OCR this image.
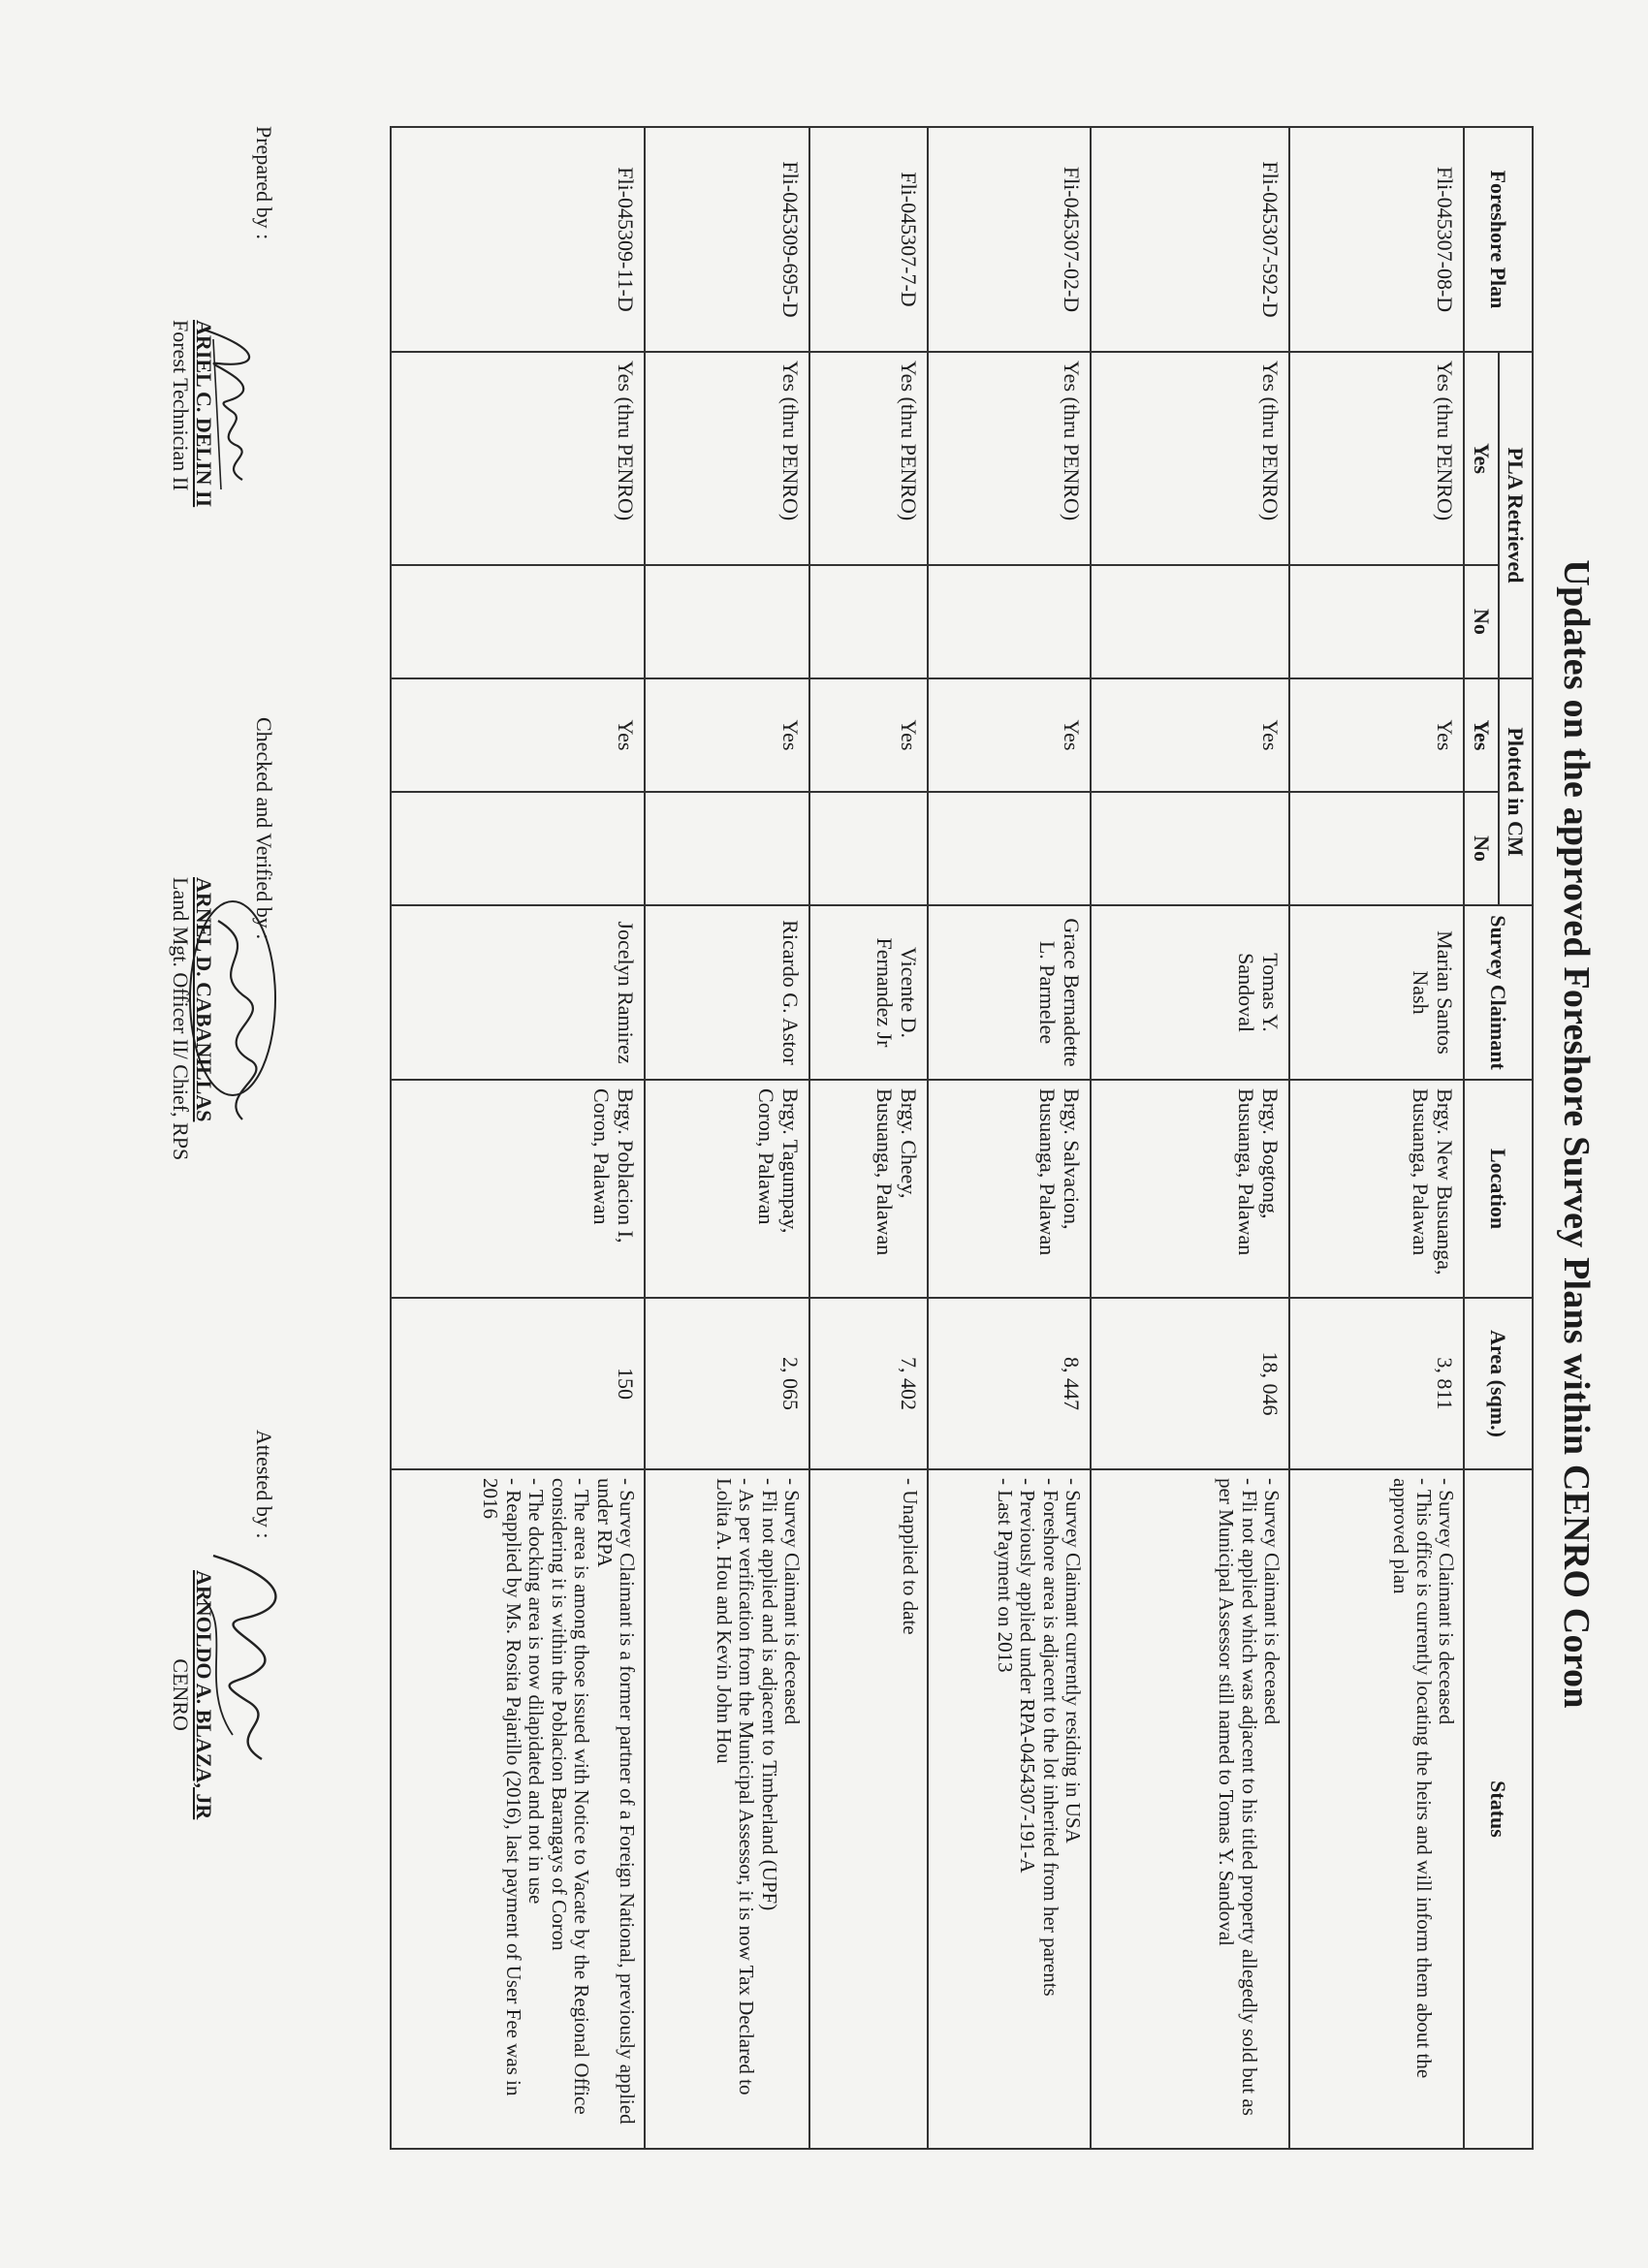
Updates on the approved Foreshore Survey Plans within CENRO Coron
Foreshore Plan	PLA Retrieved		Plotted in CM		Survey Claimant	Location	Area (sqm.)	Status
	Yes	No	Yes	No				
Fli-045307-08-D	Yes (thru PENRO)		Yes		Marian Santos Nash	Brgy. New Busuanga, Busuanga, Palawan	3, 811	- Survey Claimant is deceased
- This office is currently locating the heirs and will inform them about the approved plan

Fli-045307-592-D	Yes (thru PENRO)		Yes		Tomas Y. Sandoval	Brgy. Bogtong, Busuanga, Palawan	18, 046	- Survey Claimant is deceased
- Fli not applied which was adjacent to his titled property allegedly sold but as per Municipal Assessor still named to Tomas Y. Sandoval

Fli-045307-02-D	Yes (thru PENRO)		Yes		Grace Bernadette L. Parmelee	Brgy. Salvacion, Busuanga, Palawan	8, 447	- Survey Claimant currently residing in USA
- Foreshore area is adjacent to the lot inherited from her parents
- Previously applied under RPA-0454307-191-A
- Last Payment on 2013

Fli-045307-7-D	Yes (thru PENRO)		Yes		Vicente D. Fernandez Jr	Brgy. Cheey, Busuanga, Palawan	7, 402	- Unapplied to date

Fli-045309-695-D	Yes (thru PENRO)		Yes		Ricardo G. Astor	Brgy. Tagumpay, Coron, Palawan	2, 065	- Survey Claimant is deceased
- Fli not applied and is adjacent to Timberland (UPF)
- As per verification from the Municipal Assessor, it is now Tax Declared to Lolita A. Hou and Kevin John Hou

Fli-045309-11-D	Yes (thru PENRO)		Yes		Jocelyn Ramirez	Brgy. Poblacion I, Coron, Palawan	150	- Survey Claimant is a former partner of a Foreign National, previously applied under RPA
- The area is among those issued with Notice to Vacate by the Regional Office considering it is within the Poblacion Barangays of Coron
- The docking area is now dilapidated and not in use
- Reapplied by Ms. Rosita Pajarillo (2016), last payment of User Fee was in 2016
Prepared by :
ARIEL C. DELIN II
Forest Technician II
Checked and Verified by :
ARNEL D. CABANILLAS
Land Mgt. Officer II/ Chief, RPS
Attested by :
ARNOLDO A. BLAZA, JR
CENRO
